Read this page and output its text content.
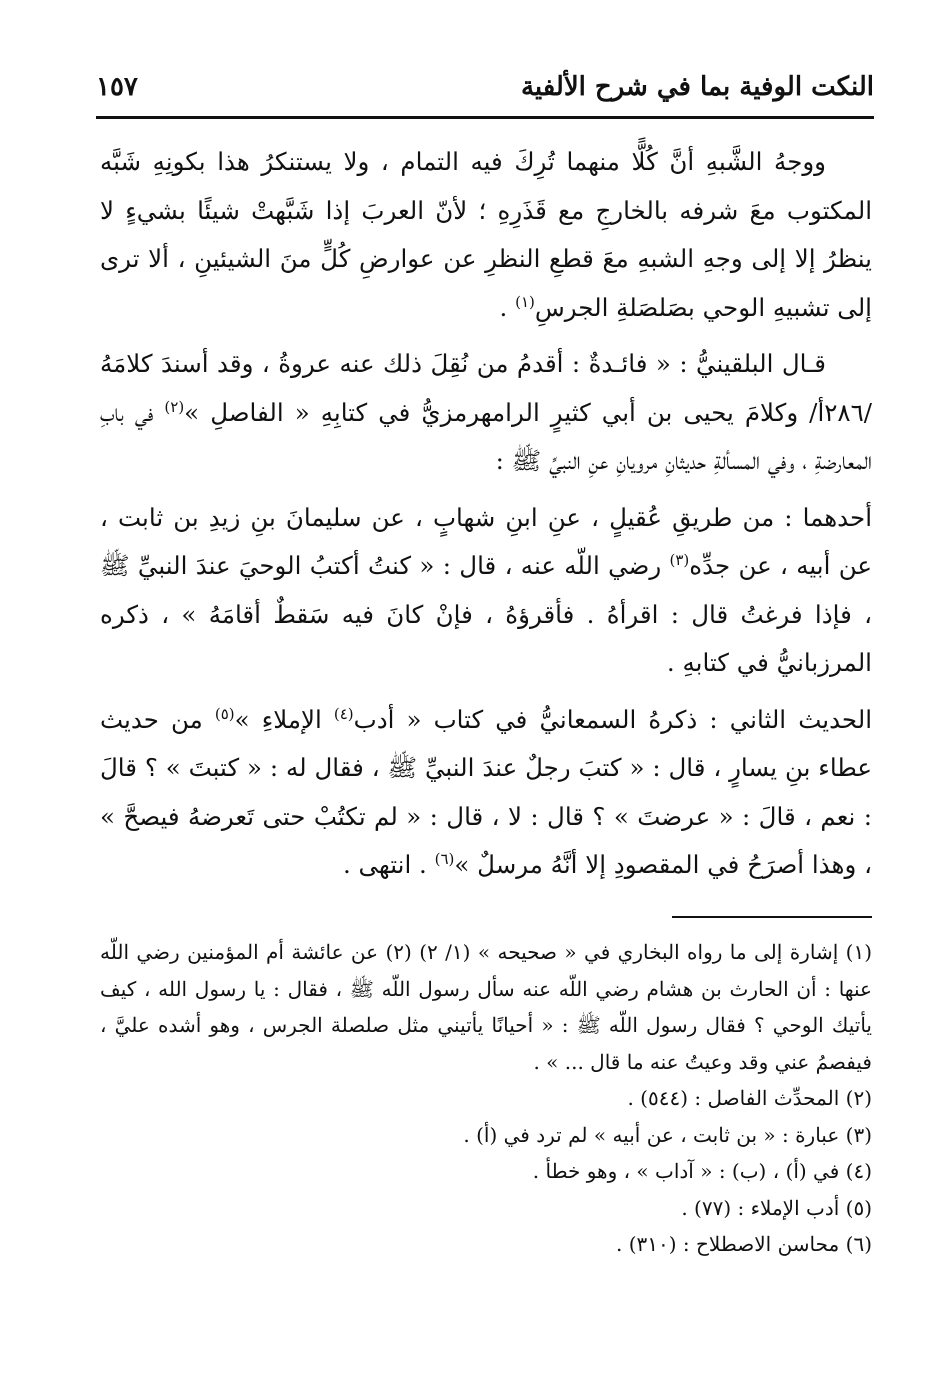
النكت الوفية بما في شرح الألفية
١٥٧

ووجهُ الشَّبهِ أنَّ كُلًّا منهما تُرِكَ فيه التمام ، ولا يستنكرُ هذا بكونِهِ شَبَّه المكتوب معَ شرفه بالخارجِ مع قَذَرِهِ ؛ لأنّ العربَ إذا شَبَّهتْ شيئًا بشيءٍ لا ينظرُ إلا إلى وجهِ الشبهِ معَ قطعِ النظرِ عن عوارضِ كُلٍّ منَ الشيئينِ ، ألا ترى إلى تشبيهِ الوحي بصَلصَلةِ الجرسِ$^{(١)}$ .

قـال البلقينيُّ : « فائـدةٌ : أقدمُ من نُقِلَ ذلك عنه عروةُ ، وقد أسندَ كلامَهُ /٢٨٦أ/ وكلامَ يحيى بن أبي كثيرٍ الرامهرمزيُّ في كتابِهِ « الفاصلِ »$^{(٢)}$ في بابِ المعارضةِ ، وفي المسألةِ حديثانِ مرويانِ عنِ النبيِّ ﷺ :

أحدهما : من طريقِ عُقيلٍ ، عنِ ابنِ شهابٍ ، عن سليمانَ بنِ زيدِ بن ثابت ، عن أبيه ، عن جدِّه$^{(٣)}$ رضي اللّه عنه ، قال : « كنتُ أكتبُ الوحيَ عندَ النبيِّ ﷺ ، فإذا فرغتُ قال : اقرأهُ . فأقرؤهُ ، فإنْ كانَ فيه سَقطٌ أقامَهُ » ، ذكره المرزبانيُّ في كتابهِ .

الحديث الثاني : ذكرهُ السمعانيُّ في كتاب « أدب$^{(٤)}$ الإملاءِ »$^{(٥)}$ من حديث عطاء بنِ يسارٍ ، قال : « كتبَ رجلٌ عندَ النبيِّ ﷺ ، فقال له : « كتبتَ » ؟ قالَ : نعم ، قالَ : « عرضتَ » ؟ قال : لا ، قال : « لم تكتُبْ حتى تَعرضهُ فيصحَّ » ، وهذا أصرَحُ في المقصودِ إلا أنَّهُ مرسلٌ »$^{(٦)}$ . انتهى .

(١) إشارة إلى ما رواه البخاري في « صحيحه » (١/ ٢) (٢) عن عائشة أم المؤمنين رضي اللّه عنها : أن الحارث بن هشام رضي اللّه عنه سأل رسول اللّه ﷺ ، فقال : يا رسول الله ، كيف يأتيك الوحي ؟ فقال رسول اللّه ﷺ : « أحيانًا يأتيني مثل صلصلة الجرس ، وهو أشده عليَّ ، فيفصمُ عني وقد وعيتُ عنه ما قال ... » .

(٢) المحدِّث الفاصل : (٥٤٤) .

(٣) عبارة : « بن ثابت ، عن أبيه » لم ترد في (أ) .

(٤) في (أ) ، (ب) : « آداب » ، وهو خطأ .

(٥) أدب الإملاء : (٧٧) .

(٦) محاسن الاصطلاح : (٣١٠) .
